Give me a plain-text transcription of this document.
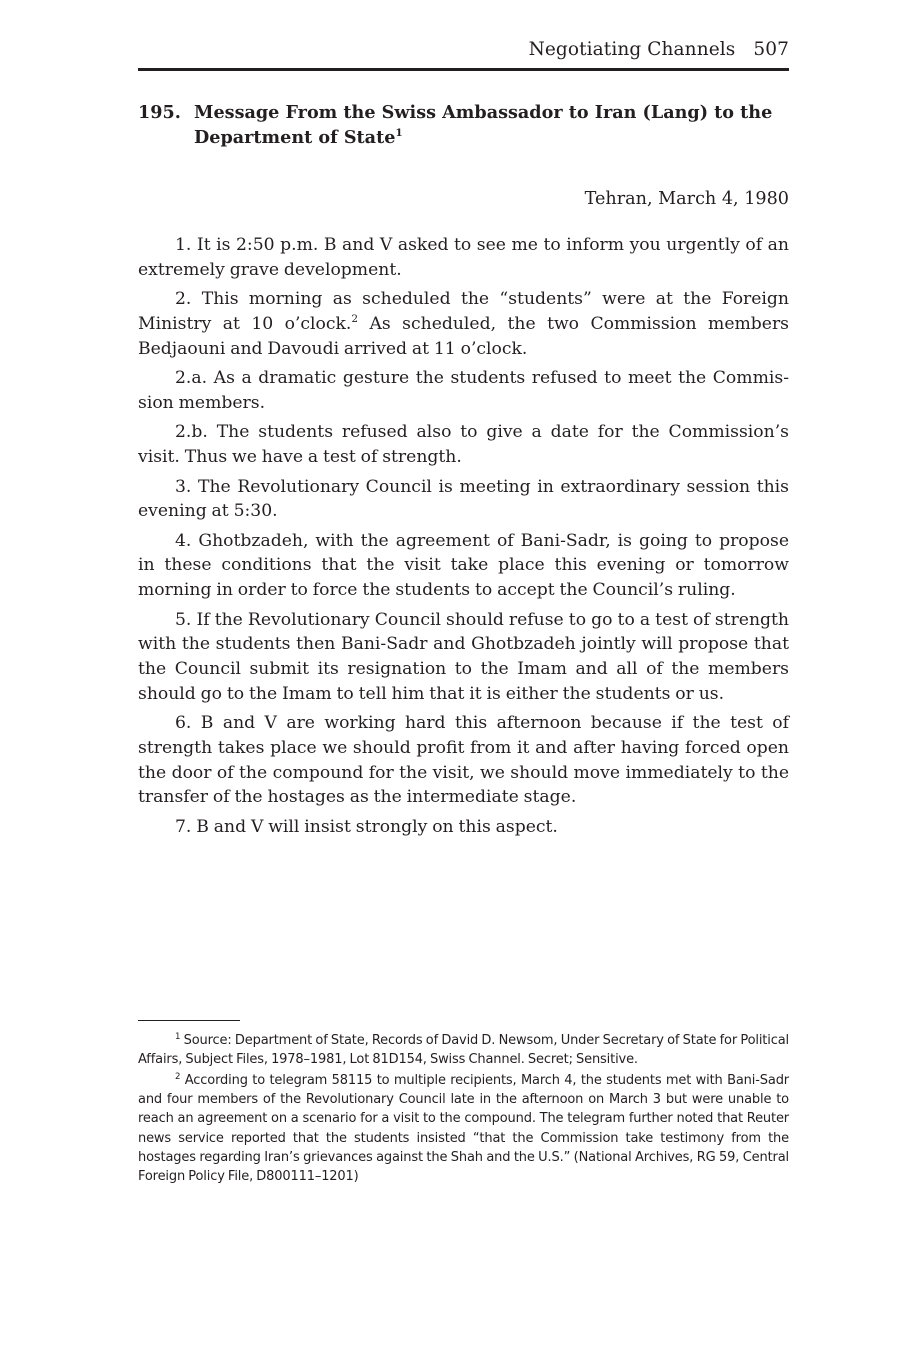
Negotiating Channels 507
195. Message From the Swiss Ambassador to Iran (Lang) to the Department of State$^1$
Tehran, March 4, 1980

1. It is 2:50 p.m. B and V asked to see me to inform you urgently of an extremely grave development.

2. This morning as scheduled the “students” were at the Foreign Ministry at 10 o’clock.$^2$ As scheduled, the two Commission members Bedjaouni and Davoudi arrived at 11 o’clock.

2.a. As a dramatic gesture the students refused to meet the Commission members.

2.b. The students refused also to give a date for the Commission’s visit. Thus we have a test of strength.

3. The Revolutionary Council is meeting in extraordinary session this evening at 5:30.

4. Ghotbzadeh, with the agreement of Bani-Sadr, is going to propose in these conditions that the visit take place this evening or tomorrow morning in order to force the students to accept the Council’s ruling.

5. If the Revolutionary Council should refuse to go to a test of strength with the students then Bani-Sadr and Ghotbzadeh jointly will propose that the Council submit its resignation to the Imam and all of the members should go to the Imam to tell him that it is either the students or us.

6. B and V are working hard this afternoon because if the test of strength takes place we should profit from it and after having forced open the door of the compound for the visit, we should move immediately to the transfer of the hostages as the intermediate stage.

7. B and V will insist strongly on this aspect.

$^1$ Source: Department of State, Records of David D. Newsom, Under Secretary of State for Political Affairs, Subject Files, 1978–1981, Lot 81D154, Swiss Channel. Secret; Sensitive.

$^2$ According to telegram 58115 to multiple recipients, March 4, the students met with Bani-Sadr and four members of the Revolutionary Council late in the afternoon on March 3 but were unable to reach an agreement on a scenario for a visit to the compound. The telegram further noted that Reuter news service reported that the students insisted “that the Commission take testimony from the hostages regarding Iran’s grievances against the Shah and the U.S.” (National Archives, RG 59, Central Foreign Policy File, D800111–1201)
